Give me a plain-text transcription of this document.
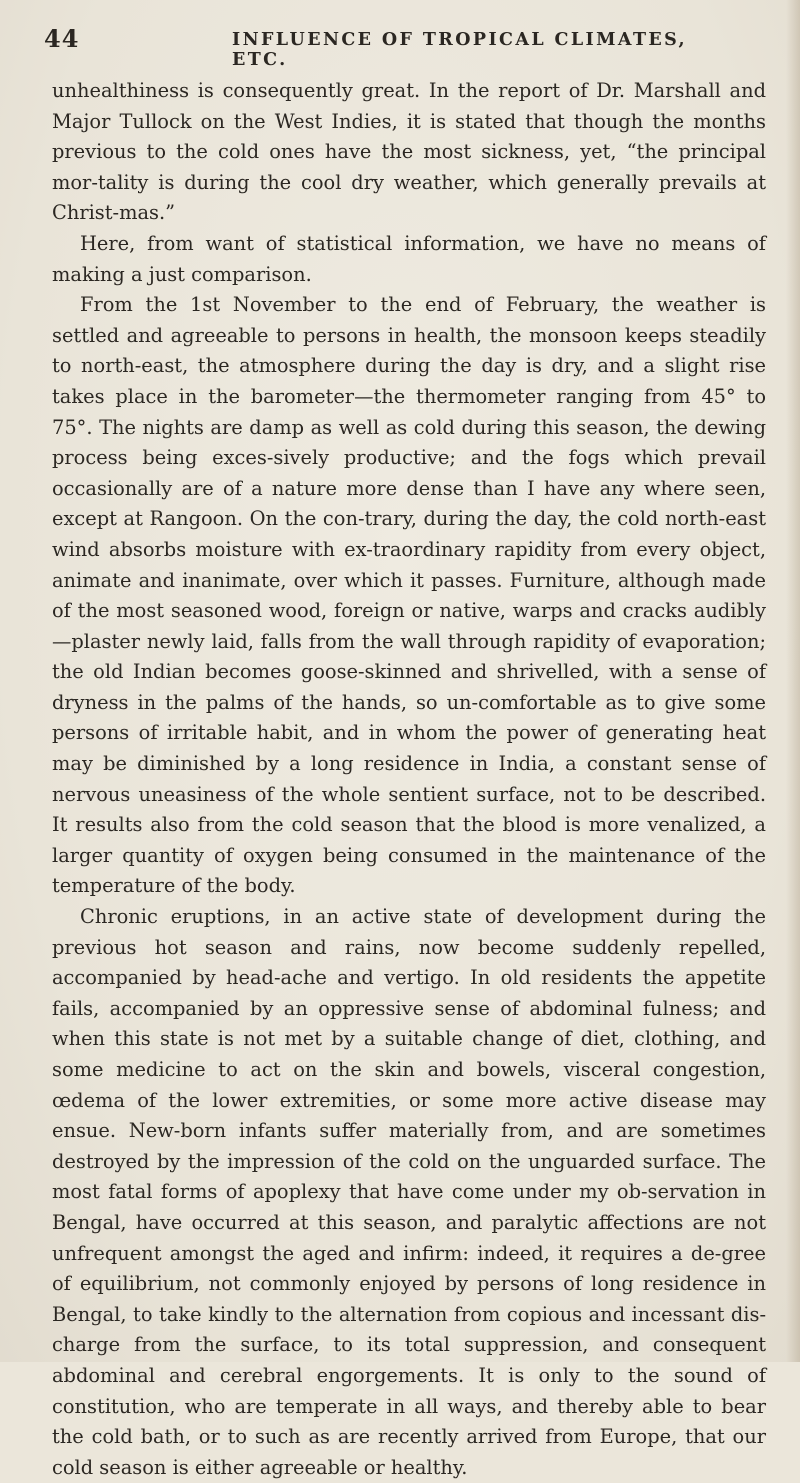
44	INFLUENCE OF TROPICAL CLIMATES, ETC.

unhealthiness is consequently great. In the report of Dr. Marshall and Major Tullock on the West Indies, it is stated that though the months previous to the cold ones have the most sickness, yet, “the principal mor-tality is during the cool dry weather, which generally prevails at Christ-mas.”

Here, from want of statistical information, we have no means of making a just comparison.

From the 1st November to the end of February, the weather is settled and agreeable to persons in health, the monsoon keeps steadily to north-east, the atmosphere during the day is dry, and a slight rise takes place in the barometer—the thermometer ranging from 45° to 75°. The nights are damp as well as cold during this season, the dewing process being exces-sively productive; and the fogs which prevail occasionally are of a nature more dense than I have any where seen, except at Rangoon. On the con-trary, during the day, the cold north-east wind absorbs moisture with ex-traordinary rapidity from every object, animate and inanimate, over which it passes. Furniture, although made of the most seasoned wood, foreign or native, warps and cracks audibly—plaster newly laid, falls from the wall through rapidity of evaporation; the old Indian becomes goose-skinned and shrivelled, with a sense of dryness in the palms of the hands, so un-comfortable as to give some persons of irritable habit, and in whom the power of generating heat may be diminished by a long residence in India, a constant sense of nervous uneasiness of the whole sentient surface, not to be described. It results also from the cold season that the blood is more venalized, a larger quantity of oxygen being consumed in the maintenance of the temperature of the body.

Chronic eruptions, in an active state of development during the previous hot season and rains, now become suddenly repelled, accompanied by head-ache and vertigo. In old residents the appetite fails, accompanied by an oppressive sense of abdominal fulness; and when this state is not met by a suitable change of diet, clothing, and some medicine to act on the skin and bowels, visceral congestion, œdema of the lower extremities, or some more active disease may ensue. New-born infants suffer materially from, and are sometimes destroyed by the impression of the cold on the unguarded surface. The most fatal forms of apoplexy that have come under my ob-servation in Bengal, have occurred at this season, and paralytic affections are not unfrequent amongst the aged and infirm: indeed, it requires a de-gree of equilibrium, not commonly enjoyed by persons of long residence in Bengal, to take kindly to the alternation from copious and incessant dis-charge from the surface, to its total suppression, and consequent abdominal and cerebral engorgements. It is only to the sound of constitution, who are temperate in all ways, and thereby able to bear the cold bath, or to such as are recently arrived from Europe, that our cold season is either agreeable or healthy.
